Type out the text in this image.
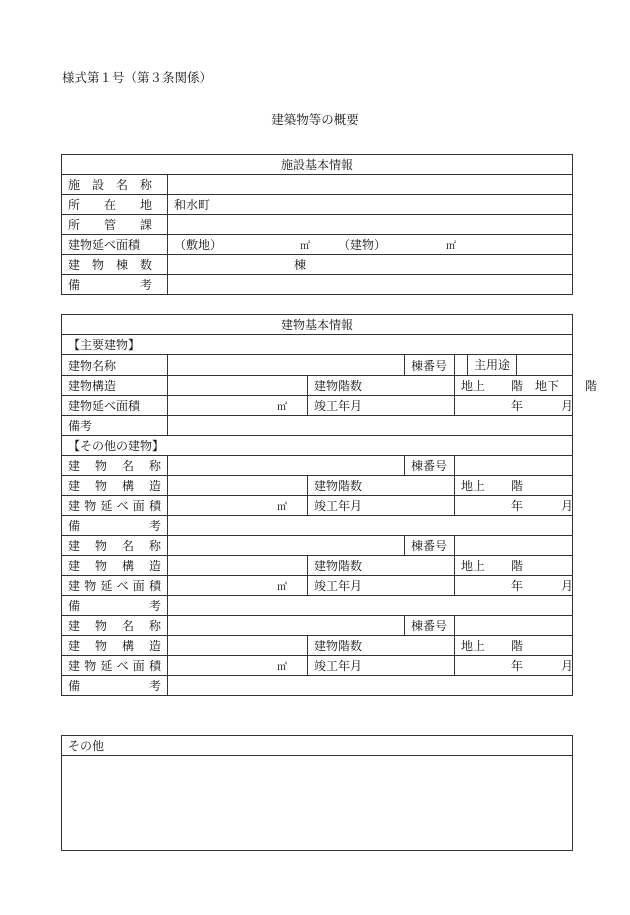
様式第１号（第３条関係）
建築物等の概要
施設基本情報	
施　設　名　称	
所　　在　　地	和水町
所　　管　　課	
建物延べ面積	（敷地） ㎡ （建物） ㎡
建　物　棟　数	棟
備　　　　　考	
建物基本情報					
【主要建物】					
建物名称			棟番号	主用途	

建物構造		建物階数		地上 階 地下 階	
建物延べ面積	㎡	竣工年月		年 月	
備考					
【その他の建物】					
建　物　名　称			棟番号		
建　物　構　造		建物階数		地上 階	
建物延べ面積	㎡	竣工年月		年 月	
備　　　　　考					
建　物　名　称			棟番号		
建　物　構　造		建物階数		地上 階	
建物延べ面積	㎡	竣工年月		年 月	
備　　　　　考					
建　物　名　称			棟番号		
建　物　構　造		建物階数		地上 階	
建物延べ面積	㎡	竣工年月		年 月	
備　　　　　考					
その他
